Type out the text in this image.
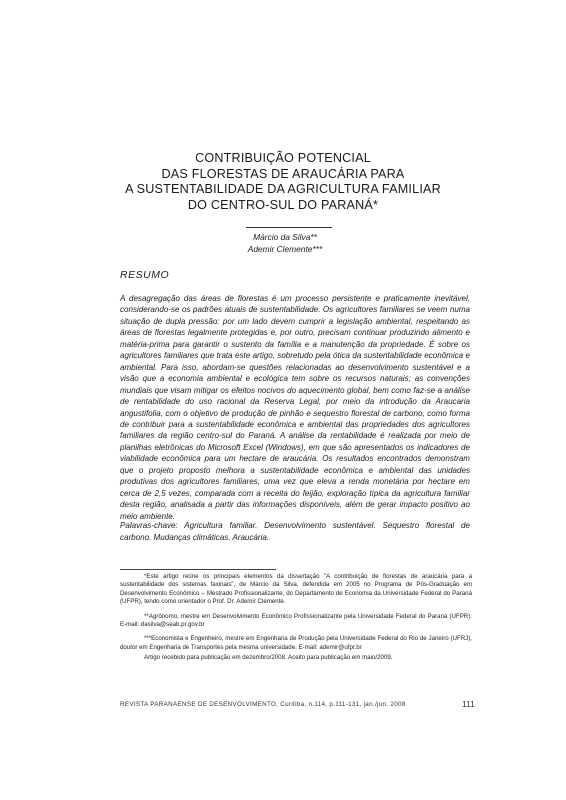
CONTRIBUIÇÃO POTENCIAL
DAS FLORESTAS DE ARAUCÁRIA PARA
A SUSTENTABILIDADE DA AGRICULTURA FAMILIAR
DO CENTRO-SUL DO PARANÁ*
Márcio da Silva**
Ademir Clemente***
RESUMO

A desagregação das áreas de florestas é um processo persistente e praticamente inevitável, considerando-se os padrões atuais de sustentabilidade. Os agricultores familiares se veem numa situação de dupla pressão: por um lado devem cumprir a legislação ambiental, respeitando as áreas de florestas legalmente protegidas e, por outro, precisam continuar produzindo alimento e matéria-prima para garantir o sustento da família e a manutenção da propriedade. É sobre os agricultores familiares que trata este artigo, sobretudo pela ótica da sustentabilidade econômica e ambiental. Para isso, abordam-se questões relacionadas ao desenvolvimento sustentável e a visão que a economia ambiental e ecológica tem sobre os recursos naturais; as convenções mundiais que visam mitigar os efeitos nocivos do aquecimento global, bem como faz-se a análise de rentabilidade do uso racional da Reserva Legal, por meio da introdução da Araucaria angustifolia, com o objetivo de produção de pinhão e sequestro florestal de carbono, como forma de contribuir para a sustentabilidade econômica e ambiental das propriedades dos agricultores familiares da região centro-sul do Paraná. A análise da rentabilidade é realizada por meio de planilhas eletrônicas do Microsoft Excel (Windows), em que são apresentados os indicadores de viabilidade econômica para um hectare de araucária. Os resultados encontrados demonstram que o projeto proposto melhora a sustentabilidade econômica e ambiental das unidades produtivas dos agricultores familiares, uma vez que eleva a renda monetária por hectare em cerca de 2,5 vezes, comparada com a receita do feijão, exploração típica da agricultura familiar desta região, analisada a partir das informações disponíveis, além de gerar impacto positivo ao meio ambiente.

Palavras-chave: Agricultura familiar. Desenvolvimento sustentável. Sequestro florestal de carbono. Mudanças climáticas. Araucária.

*Este artigo reúne os principais elementos da dissertação "A contribuição de florestas de araucária para a sustentabilidade dos sistemas faxinais", de Márcio da Silva, defendida em 2005 no Programa de Pós-Graduação em Desenvolvimento Econômico – Mestrado Profissionalizante, do Departamento de Economia da Universidade Federal do Paraná (UFPR), tendo como orientador o Prof. Dr. Ademir Clemente.

**Agrônomo, mestre em Desenvolvimento Econômico Profissionalizante pela Universidade Federal do Paraná (UFPR). E-mail: dasilva@seab.pr.gov.br

***Economista e Engenheiro, mestre em Engenharia de Produção pela Universidade Federal do Rio de Janeiro (UFRJ), doutor em Engenharia de Transportes pela mesma universidade. E-mail: ademir@ufpr.br

Artigo recebido para publicação em dezembro/2008. Aceito para publicação em maio/2009.

REVISTA PARANAENSE DE DESENVOLVIMENTO, Curitiba, n.114, p.111-131, jan./jun. 2008	111
